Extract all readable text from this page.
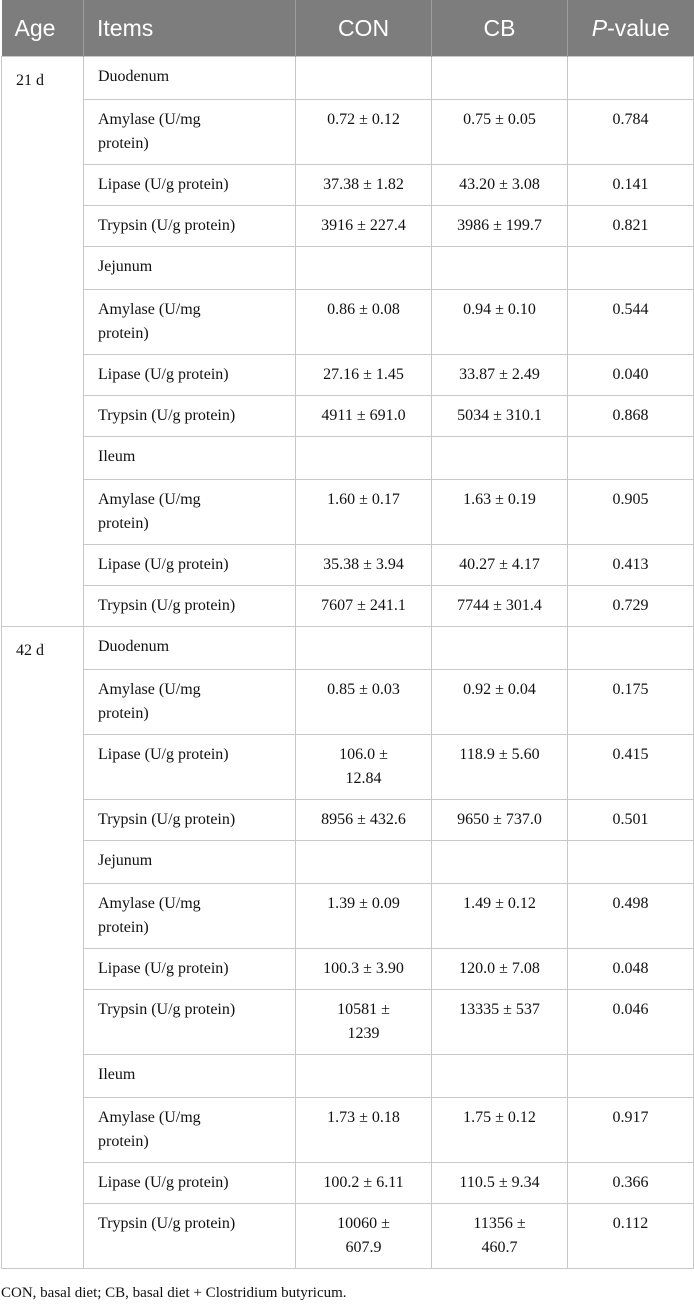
Age	Items	CON	CB	P-value
21 d	Duodenum			
	Amylase (U/mg protein)	0.72 ± 0.12	0.75 ± 0.05	0.784
	Lipase (U/g protein)	37.38 ± 1.82	43.20 ± 3.08	0.141
	Trypsin (U/g protein)	3916 ± 227.4	3986 ± 199.7	0.821
	Jejunum			
	Amylase (U/mg protein)	0.86 ± 0.08	0.94 ± 0.10	0.544
	Lipase (U/g protein)	27.16 ± 1.45	33.87 ± 2.49	0.040
	Trypsin (U/g protein)	4911 ± 691.0	5034 ± 310.1	0.868
	Ileum			
	Amylase (U/mg protein)	1.60 ± 0.17	1.63 ± 0.19	0.905
	Lipase (U/g protein)	35.38 ± 3.94	40.27 ± 4.17	0.413
	Trypsin (U/g protein)	7607 ± 241.1	7744 ± 301.4	0.729
42 d	Duodenum			
	Amylase (U/mg protein)	0.85 ± 0.03	0.92 ± 0.04	0.175
	Lipase (U/g protein)	106.0 ± 12.84	118.9 ± 5.60	0.415
	Trypsin (U/g protein)	8956 ± 432.6	9650 ± 737.0	0.501
	Jejunum			
	Amylase (U/mg protein)	1.39 ± 0.09	1.49 ± 0.12	0.498
	Lipase (U/g protein)	100.3 ± 3.90	120.0 ± 7.08	0.048
	Trypsin (U/g protein)	10581 ± 1239	13335 ± 537	0.046
	Ileum			
	Amylase (U/mg protein)	1.73 ± 0.18	1.75 ± 0.12	0.917
	Lipase (U/g protein)	100.2 ± 6.11	110.5 ± 9.34	0.366
	Trypsin (U/g protein)	10060 ± 607.9	11356 ± 460.7	0.112

CON, basal diet; CB, basal diet + Clostridium butyricum.
